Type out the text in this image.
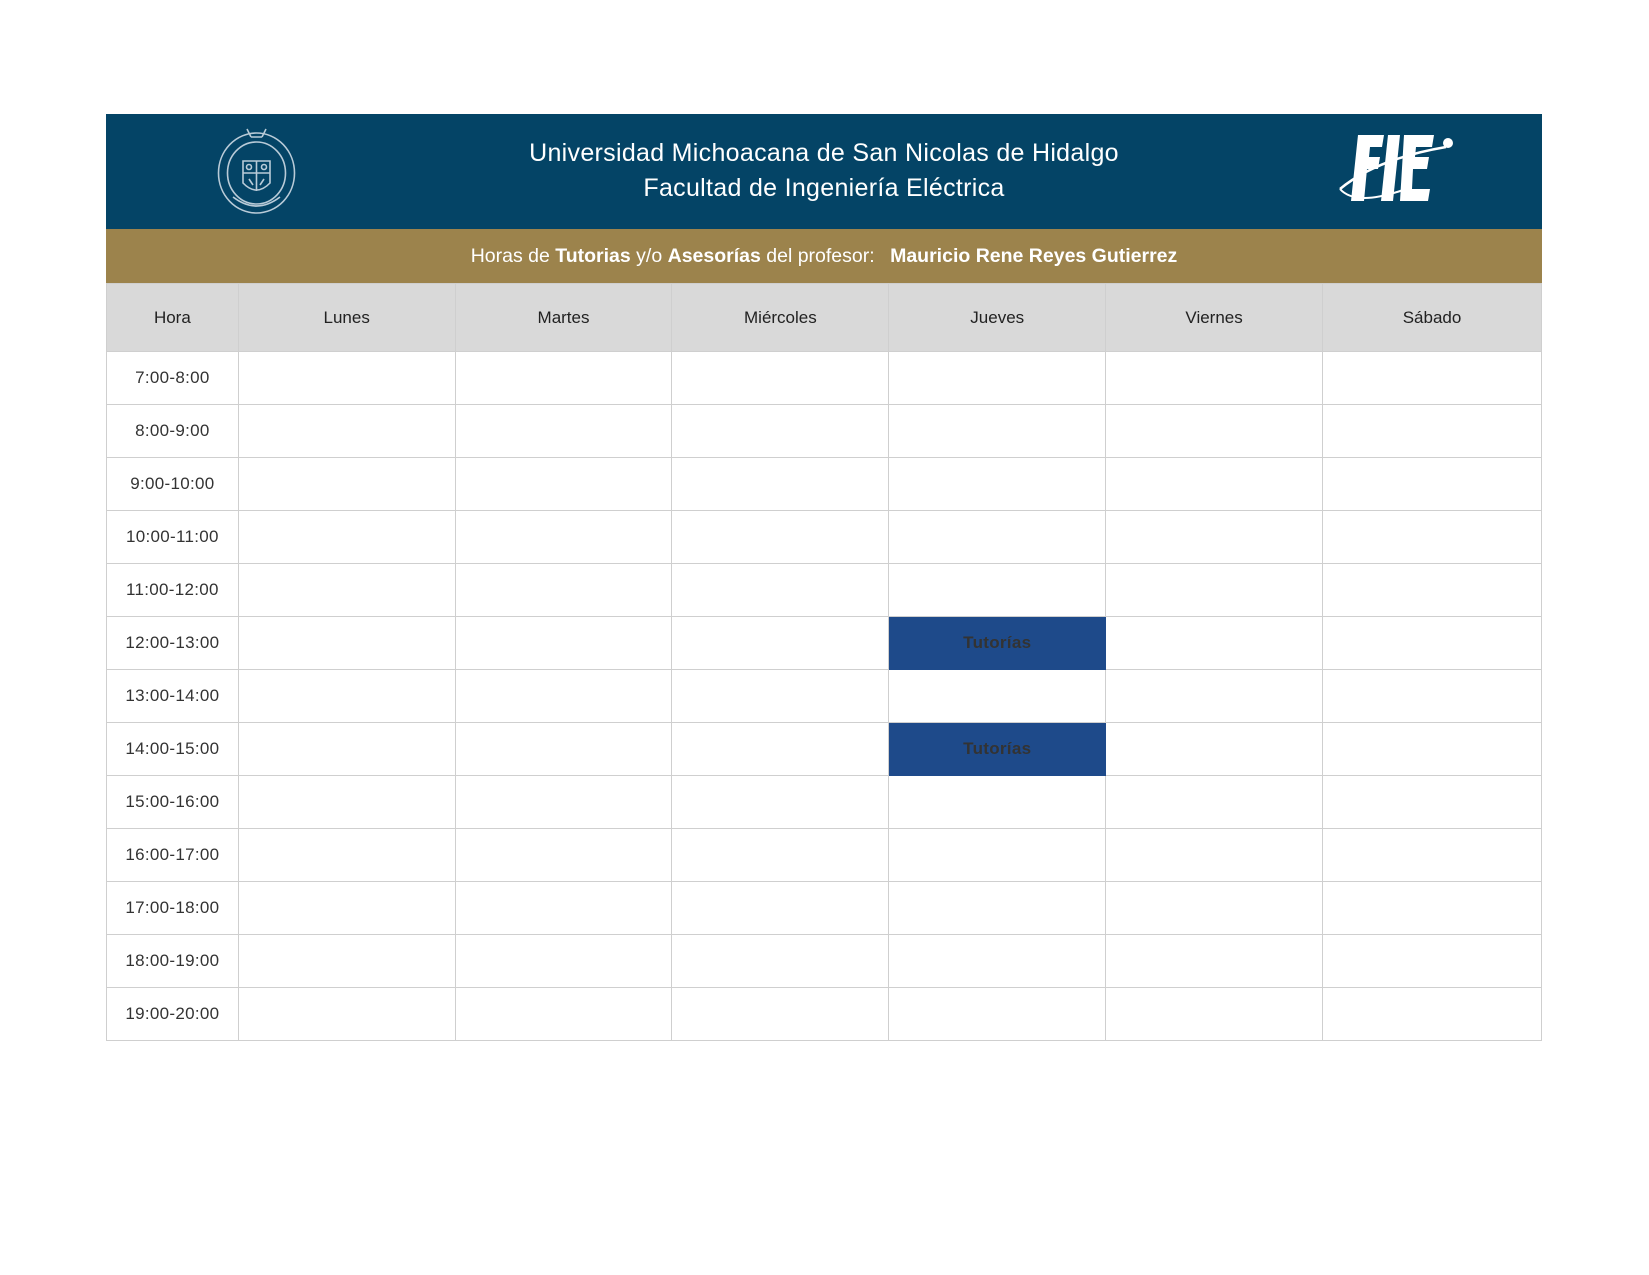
Universidad Michoacana de San Nicolas de Hidalgo
Facultad de Ingeniería Eléctrica
Horas de Tutorias y/o Asesorías del profesor: Mauricio Rene Reyes Gutierrez
Hora	Lunes	Martes	Miércoles	Jueves	Viernes	Sábado
7:00-8:00						
8:00-9:00						
9:00-10:00						
10:00-11:00						
11:00-12:00						
12:00-13:00				Tutorías		
13:00-14:00						
14:00-15:00				Tutorías		
15:00-16:00						
16:00-17:00						
17:00-18:00						
18:00-19:00						
19:00-20:00						
